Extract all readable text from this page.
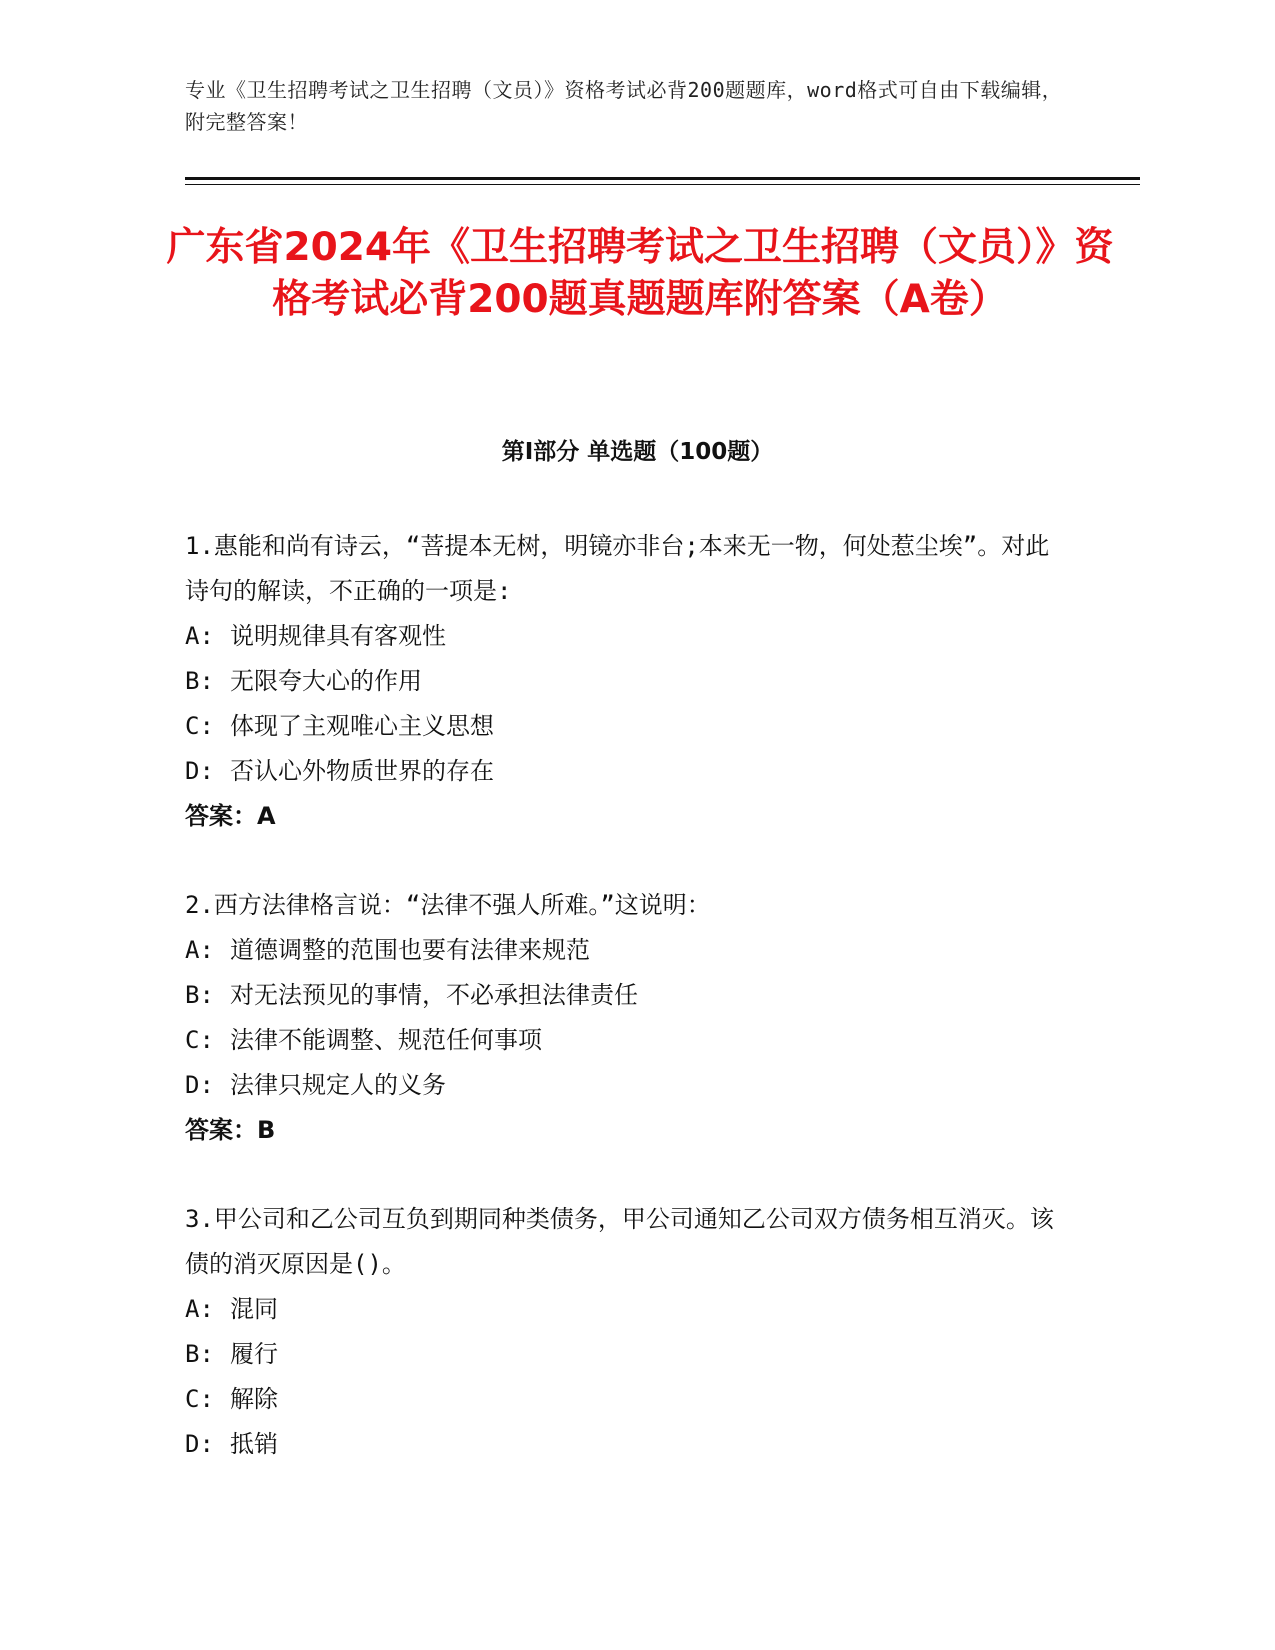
专业《卫生招聘考试之卫生招聘（文员）》资格考试必背200题题库，word格式可自由下载编辑，附完整答案！
广东省2024年《卫生招聘考试之卫生招聘（文员）》资格考试必背200题真题题库附答案（A卷）
第I部分 单选题（100题）

1.惠能和尚有诗云，“菩提本无树，明镜亦非台;本来无一物，何处惹尘埃”。对此诗句的解读，不正确的一项是:

A: 说明规律具有客观性
B: 无限夸大心的作用
C: 体现了主观唯心主义思想
D: 否认心外物质世界的存在

答案：A

2.西方法律格言说：“法律不强人所难。”这说明：

A: 道德调整的范围也要有法律来规范
B: 对无法预见的事情，不必承担法律责任
C: 法律不能调整、规范任何事项
D: 法律只规定人的义务

答案：B

3.甲公司和乙公司互负到期同种类债务，甲公司通知乙公司双方债务相互消灭。该债的消灭原因是()。

A: 混同
B: 履行
C: 解除
D: 抵销
